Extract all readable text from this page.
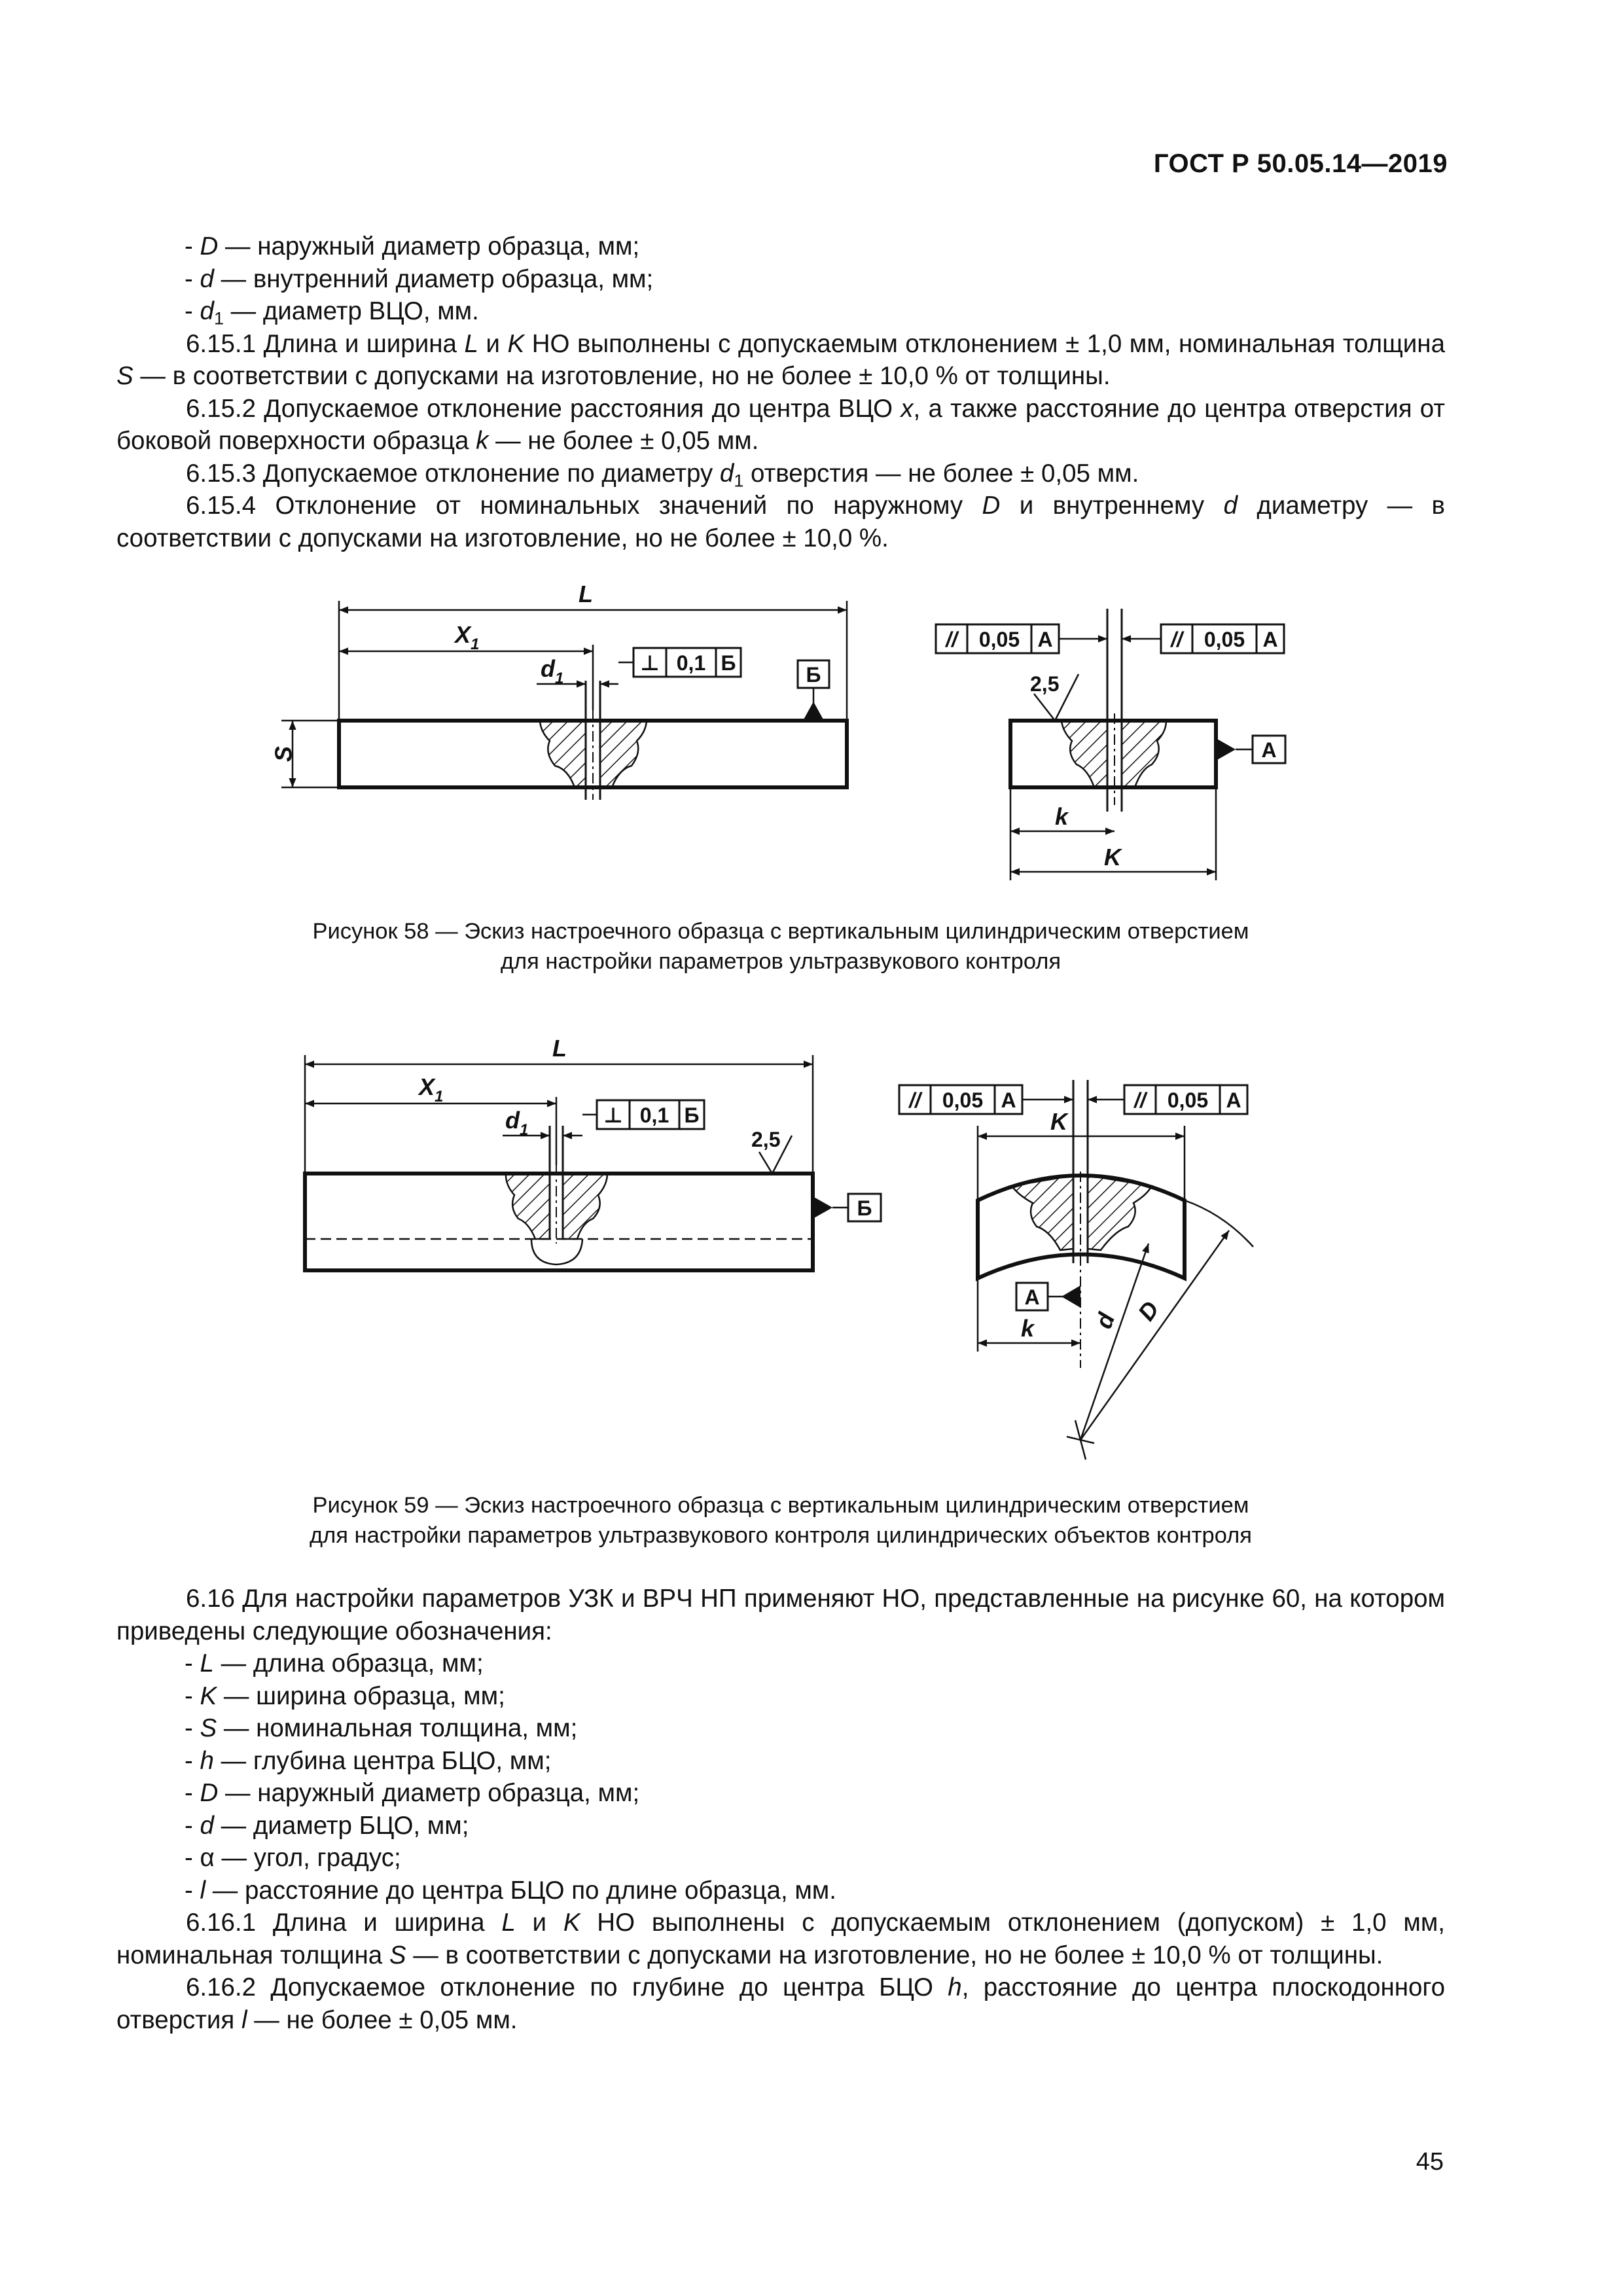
ГОСТ Р 50.05.14—2019

- D — наружный диаметр образца, мм;

- d — внутренний диаметр образца, мм;

- $d_1$ — диаметр ВЦО, мм.

6.15.1 Длина и ширина L и K НО выполнены с допускаемым отклонением ± 1,0 мм, номинальная толщина S — в соответствии с допусками на изготовление, но не более ± 10,0 % от толщины.

6.15.2 Допускаемое отклонение расстояния до центра ВЦО x, а также расстояние до центра отверстия от боковой поверхности образца k — не более ± 0,05 мм.

6.15.3 Допускаемое отклонение по диаметру $d_1$ отверстия — не более ± 0,05 мм.

6.15.4 Отклонение от номинальных значений по наружному D и внутреннему d диаметру — в соответствии с допусками на изготовление, но не более ± 10,0 %.

L
$X_1$
$d_1$
S
⊥ 0,1 Б	Б
// 0,05 А	// 0,05 А
2,5
А
k
K
L
$X_1$
$d_1$
⊥ 0,1 Б
2,5
Б
// 0,05 А	// 0,05 А
K
А
k d D
Рисунок 58 — Эскиз настроечного образца с вертикальным цилиндрическим отверстием
для настройки параметров ультразвукового контроля
Рисунок 59 — Эскиз настроечного образца с вертикальным цилиндрическим отверстием
для настройки параметров ультразвукового контроля цилиндрических объектов контроля

6.16 Для настройки параметров УЗК и ВРЧ НП применяют НО, представленные на рисунке 60, на котором приведены следующие обозначения:

- L — длина образца, мм;

- K — ширина образца, мм;

- S — номинальная толщина, мм;

- h — глубина центра БЦО, мм;

- D — наружный диаметр образца, мм;

- d — диаметр БЦО, мм;

- α — угол, градус;

- l — расстояние до центра БЦО по длине образца, мм.

6.16.1 Длина и ширина L и K НО выполнены с допускаемым отклонением (допуском) ± 1,0 мм, номинальная толщина S — в соответствии с допусками на изготовление, но не более ± 10,0 % от толщины.

6.16.2 Допускаемое отклонение по глубине до центра БЦО h, расстояние до центра плоскодонного отверстия l — не более ± 0,05 мм.

45
